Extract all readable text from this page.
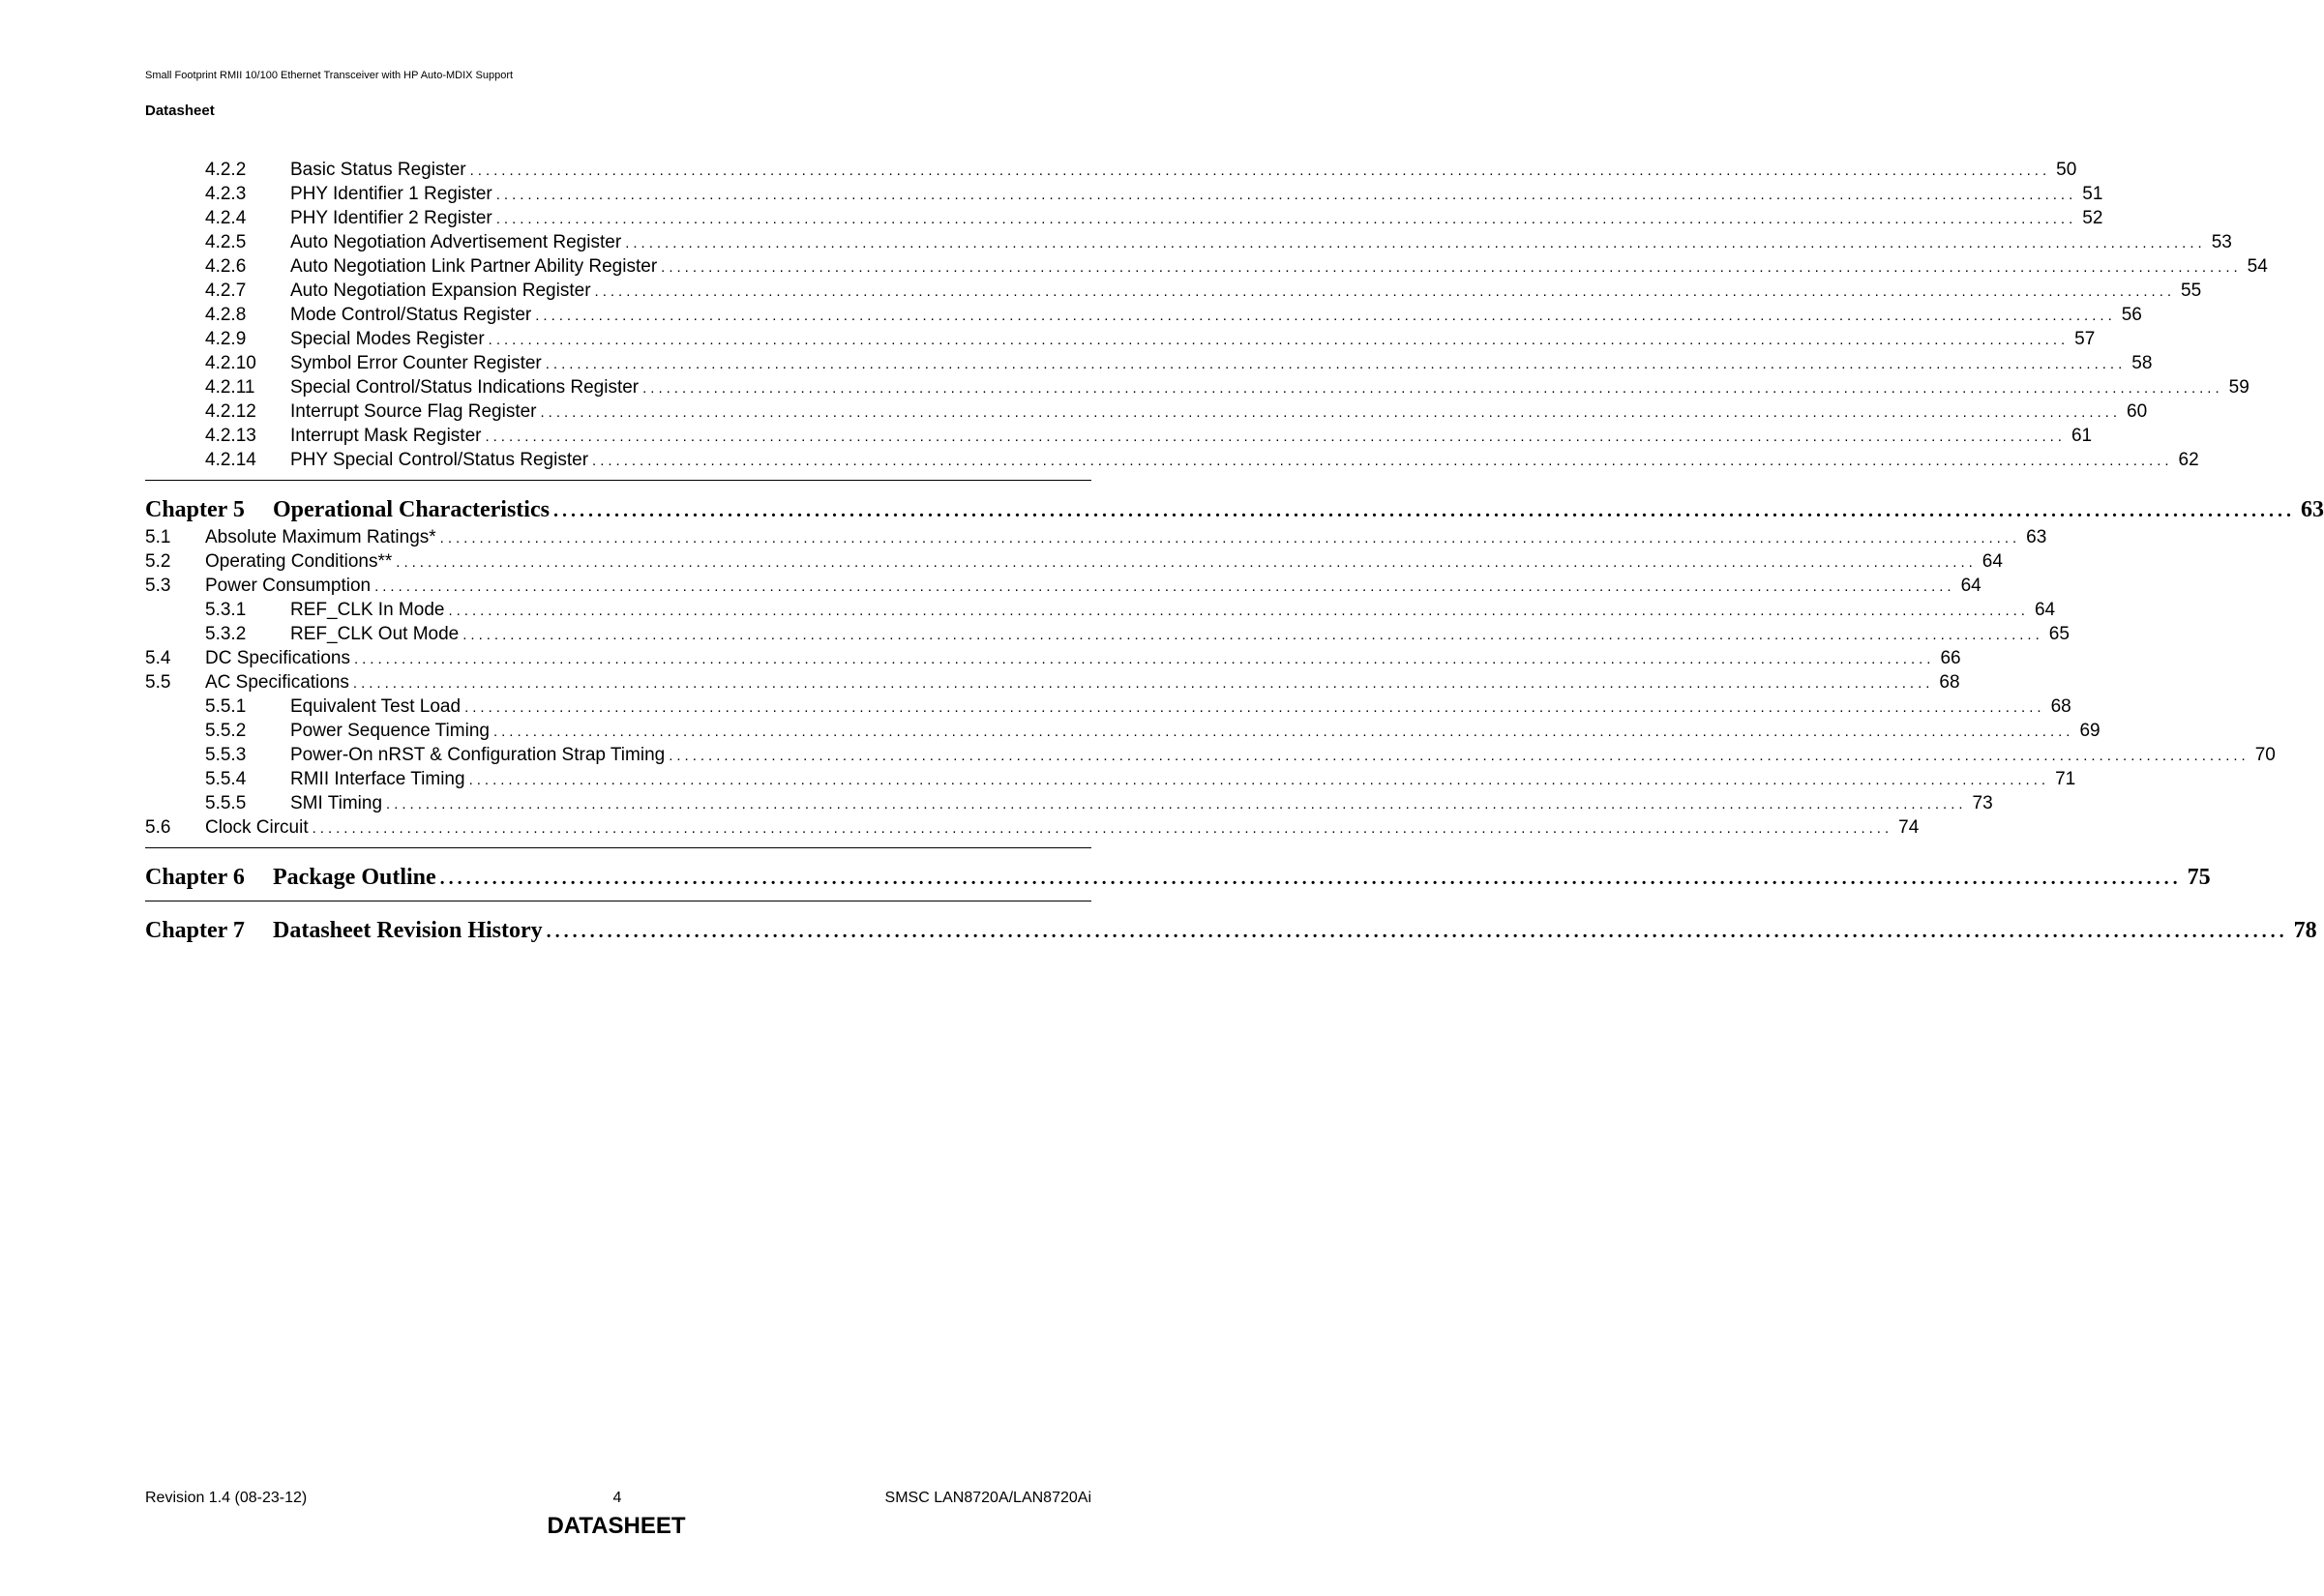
Small Footprint RMII 10/100 Ethernet Transceiver with HP Auto-MDIX Support
Datasheet
4.2.2	Basic Status Register ........................................................................................................................................................................................................ 50
4.2.3	PHY Identifier 1 Register ........................................................................................................................................................................................................ 51
4.2.4	PHY Identifier 2 Register ........................................................................................................................................................................................................ 52
4.2.5	Auto Negotiation Advertisement Register ........................................................................................................................................................................................................ 53
4.2.6	Auto Negotiation Link Partner Ability Register ........................................................................................................................................................................................................ 54
4.2.7	Auto Negotiation Expansion Register ........................................................................................................................................................................................................ 55
4.2.8	Mode Control/Status Register ........................................................................................................................................................................................................ 56
4.2.9	Special Modes Register ........................................................................................................................................................................................................ 57
4.2.10	Symbol Error Counter Register ........................................................................................................................................................................................................ 58
4.2.11	Special Control/Status Indications Register ........................................................................................................................................................................................................ 59
4.2.12	Interrupt Source Flag Register ........................................................................................................................................................................................................ 60
4.2.13	Interrupt Mask Register ........................................................................................................................................................................................................ 61
4.2.14	PHY Special Control/Status Register ........................................................................................................................................................................................................ 62
Chapter 5	Operational Characteristics ........................................................................................................................................................................................................ 63
5.1	Absolute Maximum Ratings* ........................................................................................................................................................................................................ 63
5.2	Operating Conditions** ........................................................................................................................................................................................................ 64
5.3	Power Consumption ........................................................................................................................................................................................................ 64
5.3.1	REF_CLK In Mode ........................................................................................................................................................................................................ 64
5.3.2	REF_CLK Out Mode ........................................................................................................................................................................................................ 65
5.4	DC Specifications ........................................................................................................................................................................................................ 66
5.5	AC Specifications ........................................................................................................................................................................................................ 68
5.5.1	Equivalent Test Load ........................................................................................................................................................................................................ 68
5.5.2	Power Sequence Timing ........................................................................................................................................................................................................ 69
5.5.3	Power-On nRST & Configuration Strap Timing ........................................................................................................................................................................................................ 70
5.5.4	RMII Interface Timing ........................................................................................................................................................................................................ 71
5.5.5	SMI Timing ........................................................................................................................................................................................................ 73
5.6	Clock Circuit ........................................................................................................................................................................................................ 74
Chapter 6	Package Outline ........................................................................................................................................................................................................ 75
Chapter 7	Datasheet Revision History ........................................................................................................................................................................................................ 78
Revision 1.4 (08-23-12)	4	SMSC LAN8720A/LAN8720Ai
DATASHEET
